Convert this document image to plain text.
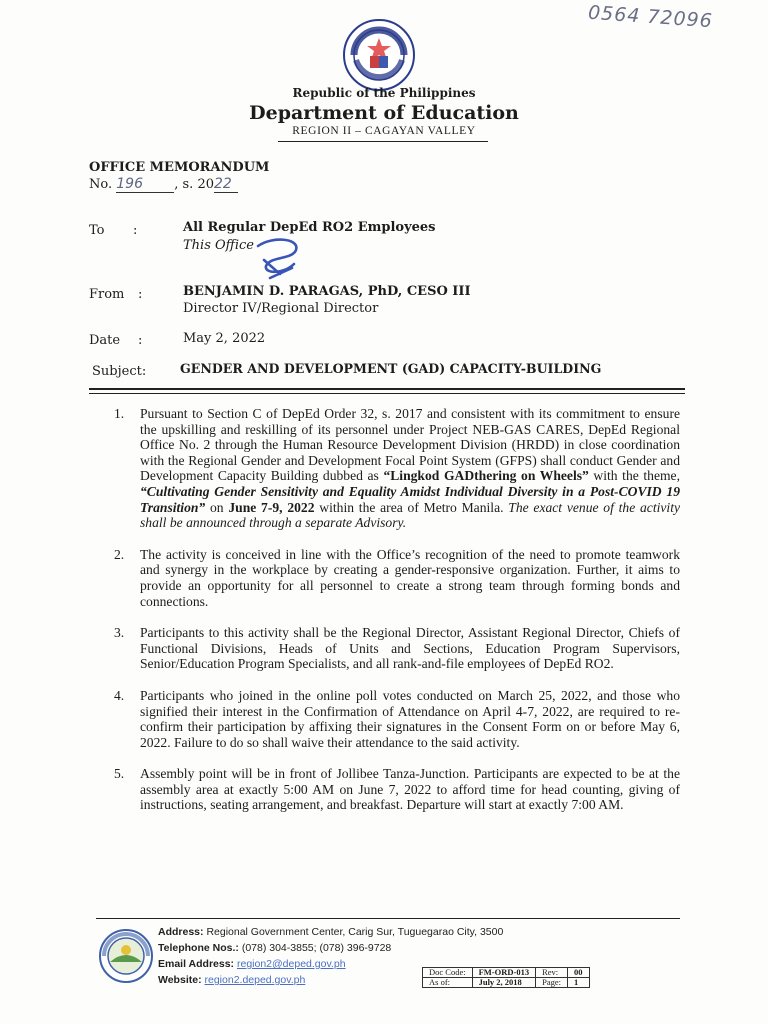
0564 72096
Republic of the Philippines
Department of Education
REGION II – CAGAYAN VALLEY
OFFICE MEMORANDUM
No. 196 , s. 2022
To :	All Regular DepEd RO2 Employees
This Office
From :	BENJAMIN D. PARAGAS, PhD, CESO III
Director IV/Regional Director
Date :	May 2, 2022
Subject:	GENDER AND DEVELOPMENT (GAD) CAPACITY-BUILDING
1.	Pursuant to Section C of DepEd Order 32, s. 2017 and consistent with its commitment to ensure the upskilling and reskilling of its personnel under Project NEB-GAS CARES, DepEd Regional Office No. 2 through the Human Resource Development Division (HRDD) in close coordination with the Regional Gender and Development Focal Point System (GFPS) shall conduct Gender and Development Capacity Building dubbed as “Lingkod GADthering on Wheels” with the theme, “Cultivating Gender Sensitivity and Equality Amidst Individual Diversity in a Post-COVID 19 Transition” on June 7-9, 2022 within the area of Metro Manila. The exact venue of the activity shall be announced through a separate Advisory.
2.	The activity is conceived in line with the Office’s recognition of the need to promote teamwork and synergy in the workplace by creating a gender-responsive organization. Further, it aims to provide an opportunity for all personnel to create a strong team through forming bonds and connections.
3.	Participants to this activity shall be the Regional Director, Assistant Regional Director, Chiefs of Functional Divisions, Heads of Units and Sections, Education Program Supervisors, Senior/Education Program Specialists, and all rank-and-file employees of DepEd RO2.
4.	Participants who joined in the online poll votes conducted on March 25, 2022, and those who signified their interest in the Confirmation of Attendance on April 4-7, 2022, are required to re-confirm their participation by affixing their signatures in the Consent Form on or before May 6, 2022. Failure to do so shall waive their attendance to the said activity.
5.	Assembly point will be in front of Jollibee Tanza-Junction. Participants are expected to be at the assembly area at exactly 5:00 AM on June 7, 2022 to afford time for head counting, giving of instructions, seating arrangement, and breakfast. Departure will start at exactly 7:00 AM.
Address: Regional Government Center, Carig Sur, Tuguegarao City, 3500
Telephone Nos.: (078) 304-3855; (078) 396-9728
Email Address: region2@deped.gov.ph
Website: region2.deped.gov.ph
Doc Code:	FM-ORD-013	Rev:	00
As of:	July 2, 2018	Page:	1
